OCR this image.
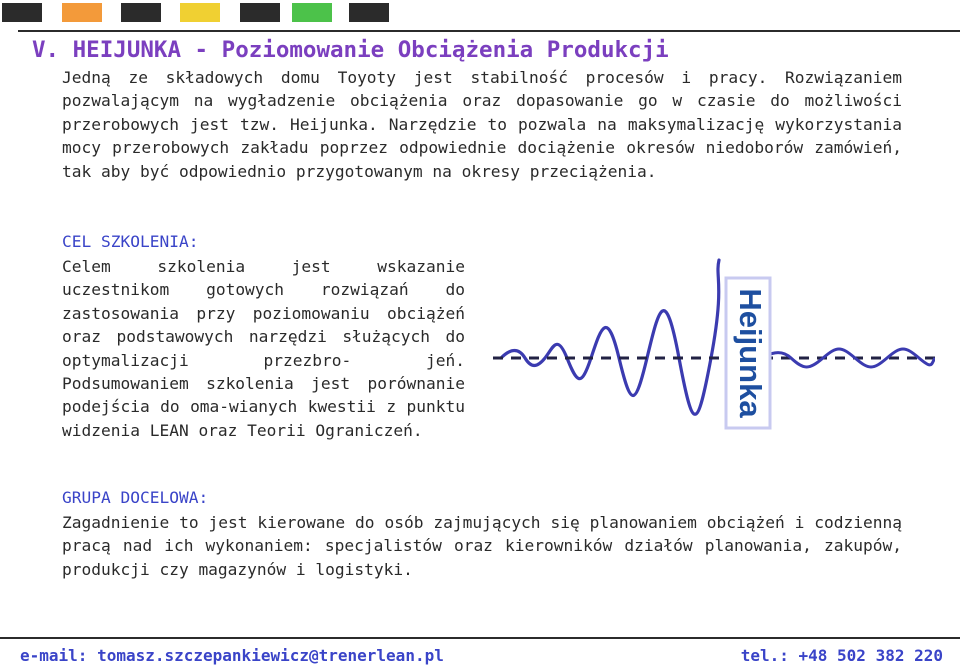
V. HEIJUNKA - Poziomowanie Obciążenia Produkcji

Jedną ze składowych domu Toyoty jest stabilność procesów i pracy. Rozwiązaniem pozwalającym na wygładzenie obciążenia oraz dopasowanie go w czasie do możliwości przerobowych jest tzw. Heijunka. Narzędzie to pozwala na maksymalizację wykorzystania mocy przerobowych zakładu poprzez odpowiednie dociążenie okresów niedoborów zamówień, tak aby być odpowiednio przygotowanym na okresy przeciążenia.

CEL SZKOLENIA:

Celem szkolenia jest wskazanie uczestnikom gotowych rozwiązań do zastosowania przy poziomowaniu obciążeń oraz podstawowych narzędzi służących do optymalizacji przezbro- jeń. Podsumowaniem szkolenia jest porównanie podejścia do oma-wianych kwestii z punktu widzenia LEAN oraz Teorii Ograniczeń.

Heijunka
GRUPA DOCELOWA:

Zagadnienie to jest kierowane do osób zajmujących się planowaniem obciążeń i codzienną pracą nad ich wykonaniem: specjalistów oraz kierowników działów planowania, zakupów, produkcji czy magazynów i logistyki.

e-mail: tomasz.szczepankiewicz@trenerlean.pl	tel.: +48 502 382 220
